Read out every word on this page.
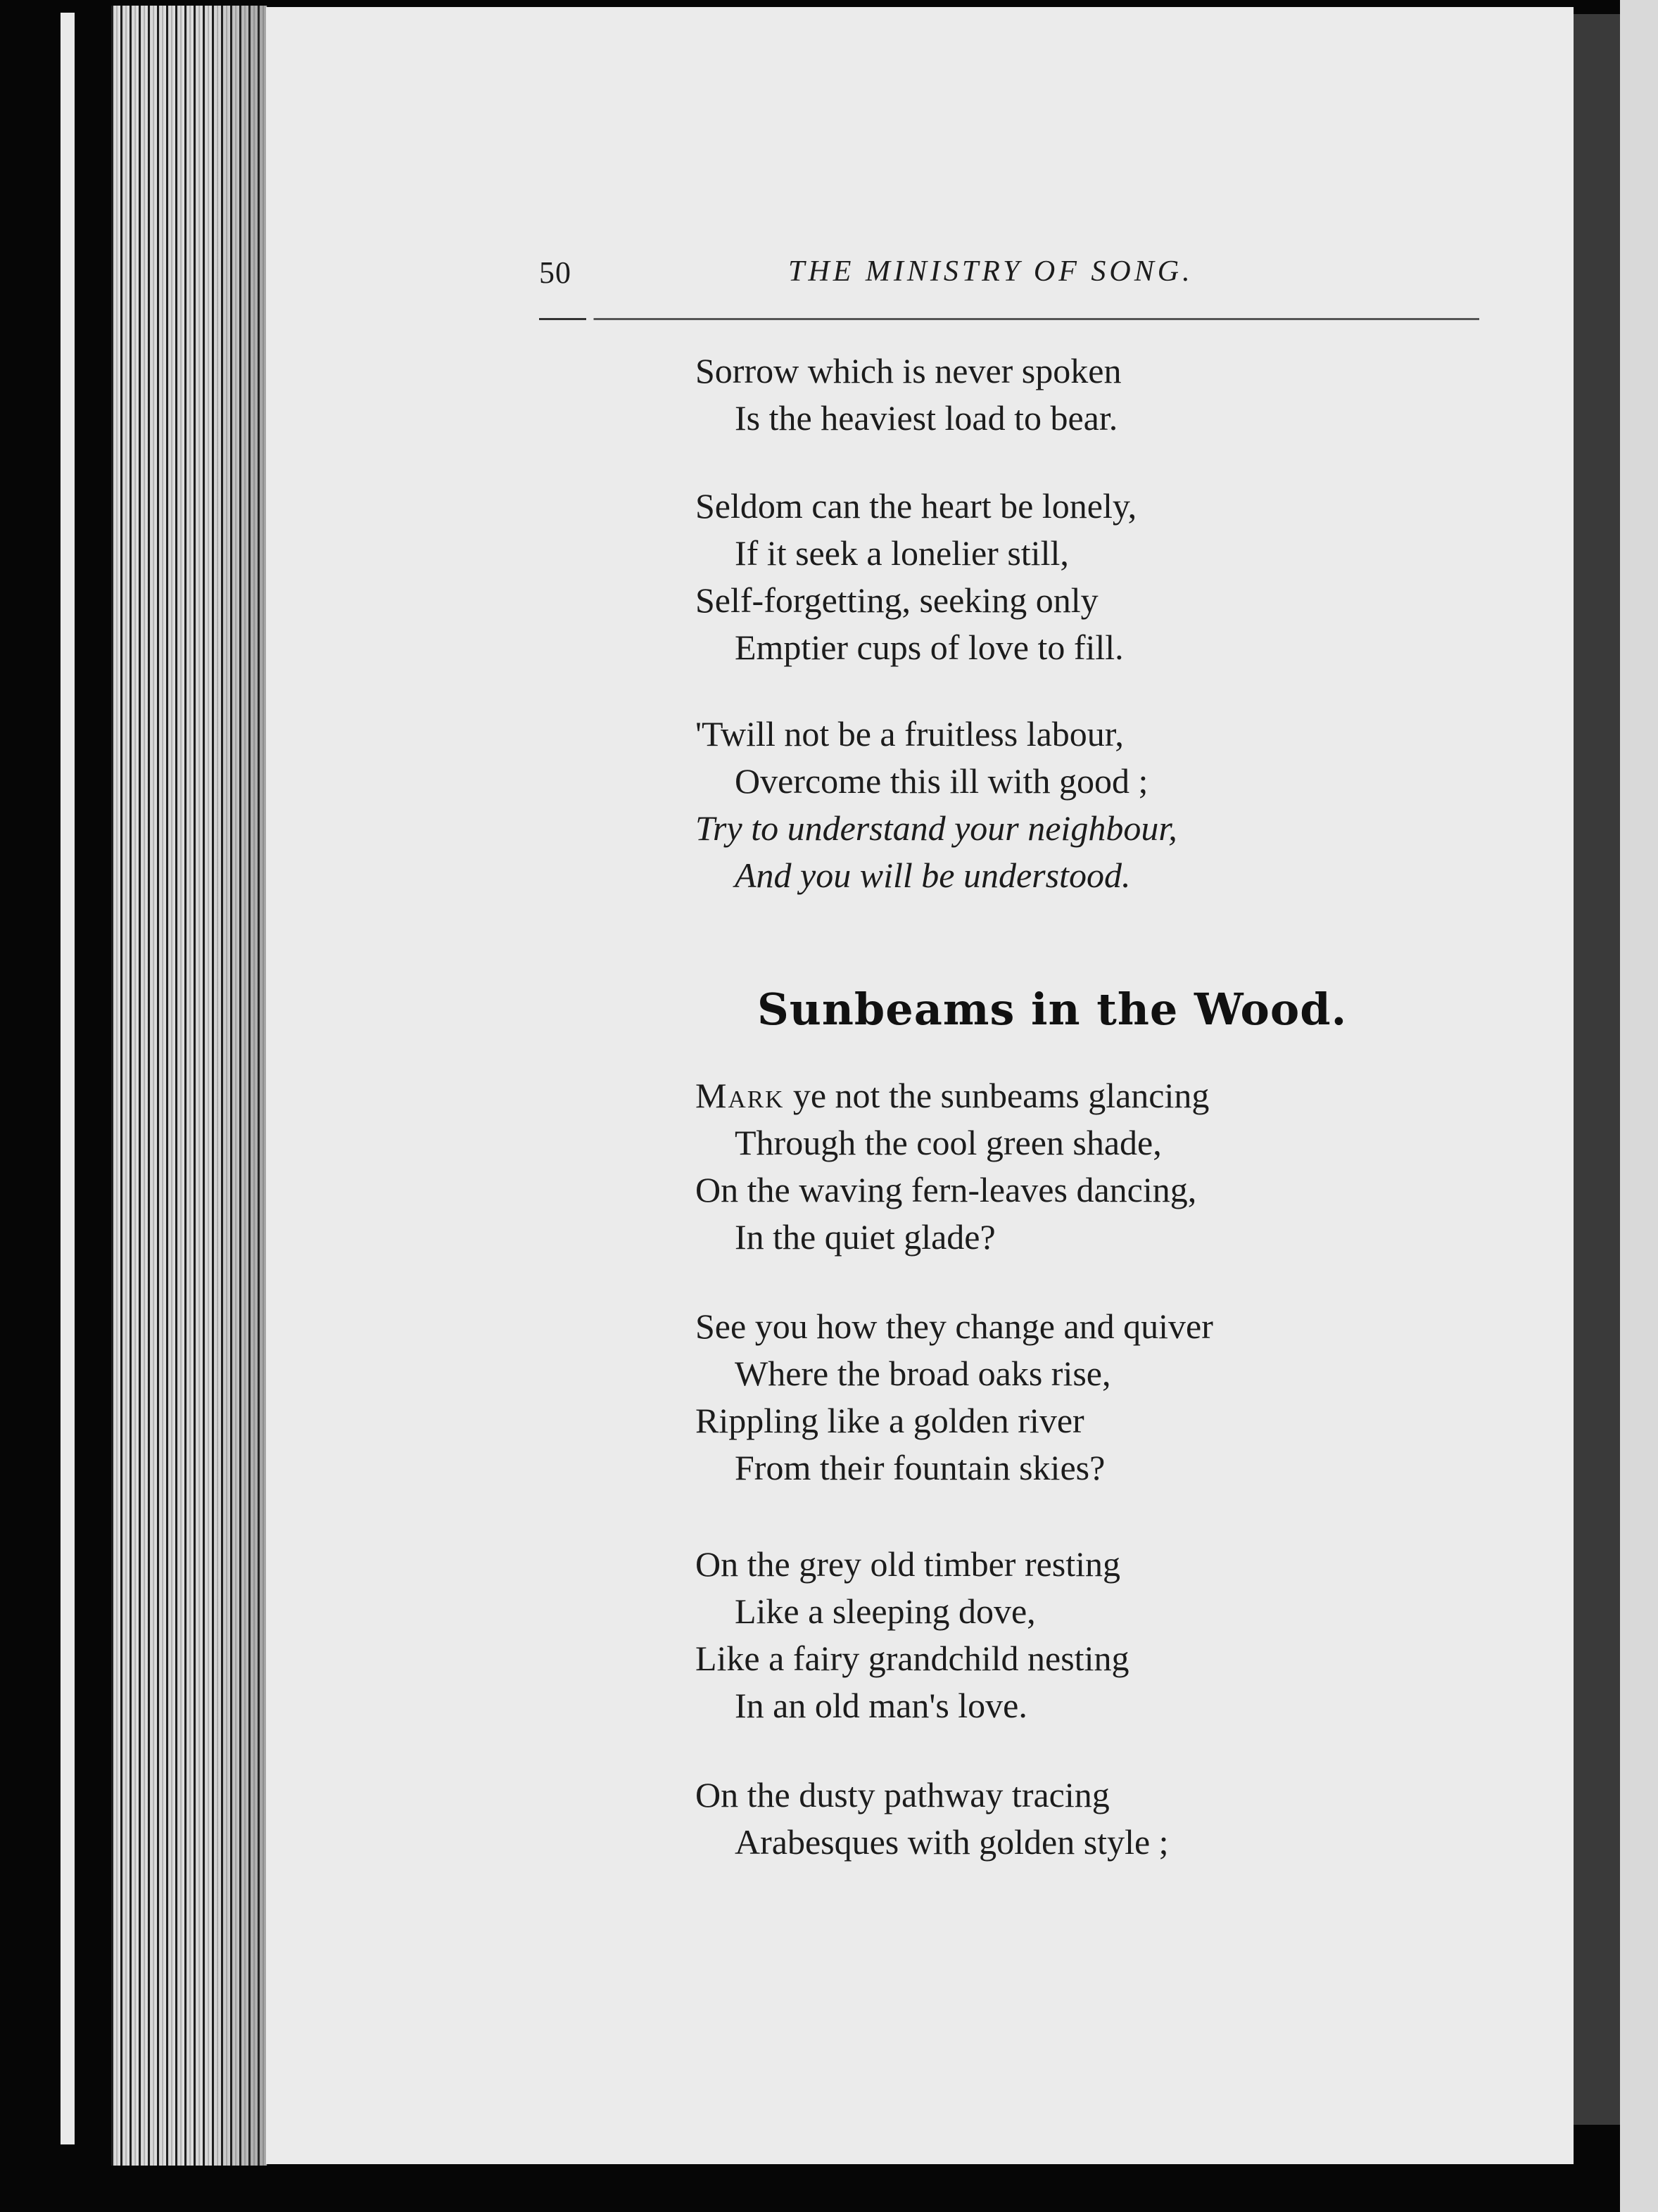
50	THE MINISTRY OF SONG.
Sorrow which is never spoken
Is the heaviest load to bear.
Seldom can the heart be lonely,
If it seek a lonelier still,
Self-forgetting, seeking only
Emptier cups of love to fill.
'Twill not be a fruitless labour,
Overcome this ill with good ;
Try to understand your neighbour,
And you will be understood.
Sunbeams in the Wood.
Mark ye not the sunbeams glancing
Through the cool green shade,
On the waving fern-leaves dancing,
In the quiet glade?
See you how they change and quiver
Where the broad oaks rise,
Rippling like a golden river
From their fountain skies?
On the grey old timber resting
Like a sleeping dove,
Like a fairy grandchild nesting
In an old man's love.
On the dusty pathway tracing
Arabesques with golden style ;
